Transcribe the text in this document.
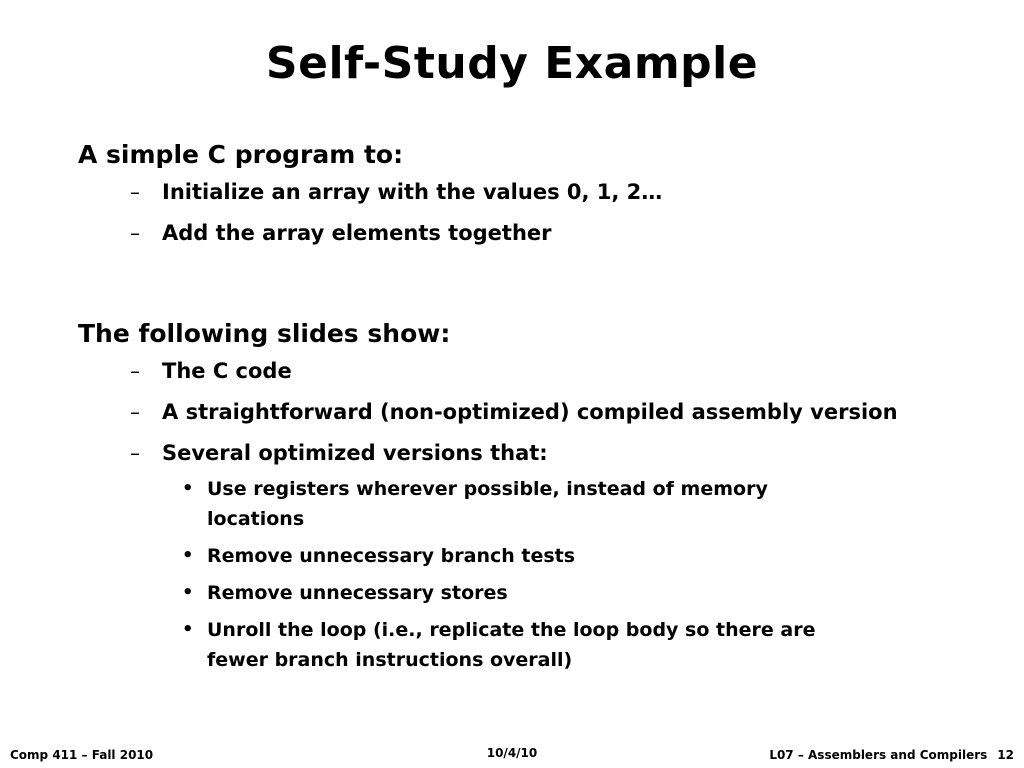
Self-Study Example

A simple C program to:

– Initialize an array with the values 0, 1, 2…
– Add the array elements together

The following slides show:

– The C code
– A straightforward (non-optimized) compiled assembly version
– Several optimized versions that:
• Use registers wherever possible, instead of memory locations
• Remove unnecessary branch tests
• Remove unnecessary stores
• Unroll the loop (i.e., replicate the loop body so there are fewer branch instructions overall)
Comp 411 – Fall 2010	10/4/10	L07 – Assemblers and Compilers 12
